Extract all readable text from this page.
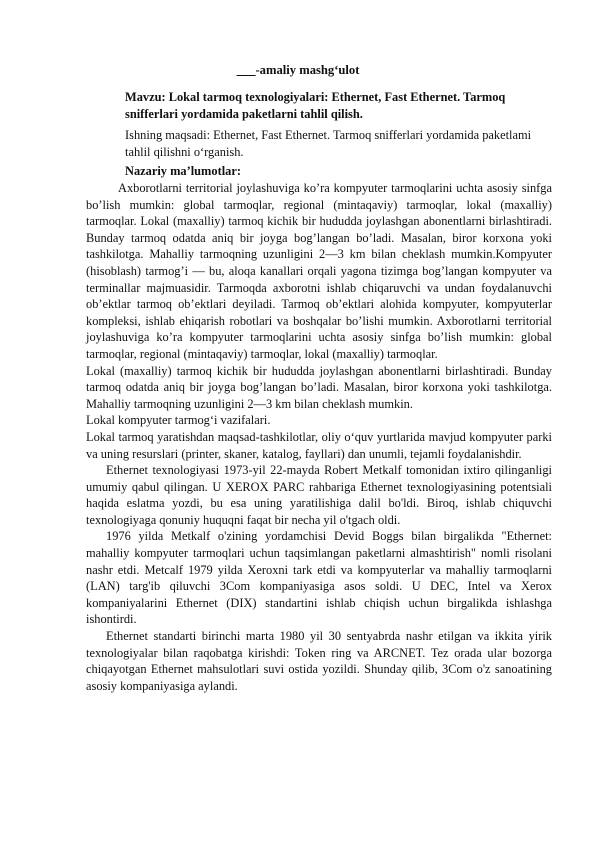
___-amaliy mashg‘ulot
Mavzu: Lokal tarmoq texnologiyalari: Ethernet, Fast Ethernet. Tarmoq snifferlari yordamida paketlarni tahlil qilish.
Ishning maqsadi: Ethernet, Fast Ethernet. Tarmoq snifferlari yordamida paketlami tahlil qilishni o‘rganish.
Nazariy ma’lumotlar:

Axborotlarni territorial joylashuviga ko’ra kompyuter tarmoqlarini uchta asosiy sinfga bo’lish mumkin: global tarmoqlar, regional (mintaqaviy) tarmoqlar, lokal (maxalliy) tarmoqlar. Lokal (maxalliy) tarmoq kichik bir hududda joylashgan abonentlarni birlashtiradi. Bunday tarmoq odatda aniq bir joyga bog’langan bo’ladi. Masalan, biror korxona yoki tashkilotga. Mahalliy tarmoqning uzunligini 2—3 km bilan cheklash mumkin.Kompyuter (hisoblash) tarmog’i — bu, aloqa kanallari orqali yagona tizimga bog’langan kompyuter va terminallar majmuasidir. Tarmoqda axborotni ishlab chiqaruvchi va undan foydalanuvchi ob’ektlar tarmoq ob’ektlari deyiladi. Tarmoq ob’ektlari alohida kompyuter, kompyuterlar kompleksi, ishlab ehiqarish robotlari va boshqalar bo’lishi mumkin. Axborotlarni territorial joylashuviga ko’ra kompyuter tarmoqlarini uchta asosiy sinfga bo’lish mumkin: global tarmoqlar, regional (mintaqaviy) tarmoqlar, lokal (maxalliy) tarmoqlar.

Lokal (maxalliy) tarmoq kichik bir hududda joylashgan abonentlarni birlashtiradi. Bunday tarmoq odatda aniq bir joyga bog’langan bo’ladi. Masalan, biror korxona yoki tashkilotga. Mahalliy tarmoqning uzunligini 2—3 km bilan cheklash mumkin.

Lokal kompyuter tarmog‘i vazifalari.

Lokal tarmoq yaratishdan maqsad-tashkilotlar, oliy o‘quv yurtlarida mavjud kompyuter parki va uning resurslari (printer, skaner, katalog, fayllari) dan unumli, tejamli foydalanishdir.

Ethernet texnologiyasi 1973-yil 22-mayda Robert Metkalf tomonidan ixtiro qilinganligi umumiy qabul qilingan. U XEROX PARC rahbariga Ethernet texnologiyasining potentsiali haqida eslatma yozdi, bu esa uning yaratilishiga dalil bo'ldi. Biroq, ishlab chiquvchi texnologiyaga qonuniy huquqni faqat bir necha yil o'tgach oldi.

1976 yilda Metkalf o'zining yordamchisi Devid Boggs bilan birgalikda "Ethernet: mahalliy kompyuter tarmoqlari uchun taqsimlangan paketlarni almashtirish" nomli risolani nashr etdi. Metcalf 1979 yilda Xeroxni tark etdi va kompyuterlar va mahalliy tarmoqlarni (LAN) targ'ib qiluvchi 3Com kompaniyasiga asos soldi. U DEC, Intel va Xerox kompaniyalarini Ethernet (DIX) standartini ishlab chiqish uchun birgalikda ishlashga ishontirdi.

Ethernet standarti birinchi marta 1980 yil 30 sentyabrda nashr etilgan va ikkita yirik texnologiyalar bilan raqobatga kirishdi: Token ring va ARCNET. Tez orada ular bozorga chiqayotgan Ethernet mahsulotlari suvi ostida yozildi. Shunday qilib, 3Com o'z sanoatining asosiy kompaniyasiga aylandi.
